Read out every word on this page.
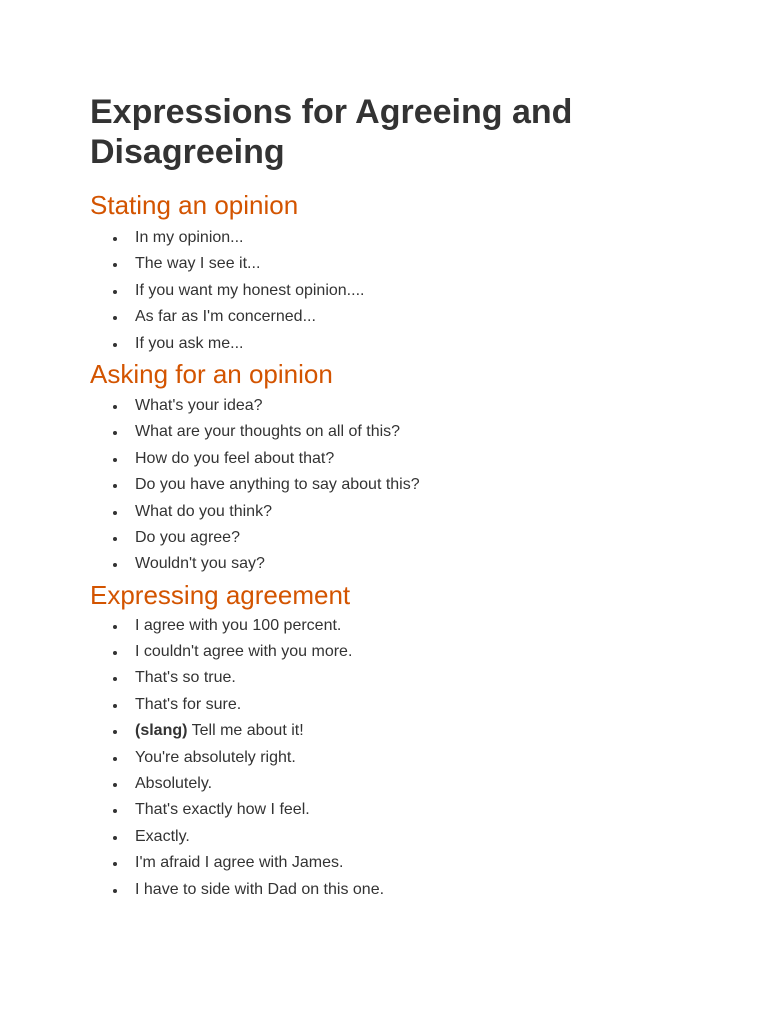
Expressions for Agreeing and Disagreeing
Stating an opinion
In my opinion...
The way I see it...
If you want my honest opinion....
As far as I'm concerned...
If you ask me...
Asking for an opinion
What's your idea?
What are your thoughts on all of this?
How do you feel about that?
Do you have anything to say about this?
What do you think?
Do you agree?
Wouldn't you say?
Expressing agreement
I agree with you 100 percent.
I couldn't agree with you more.
That's so true.
That's for sure.
(slang) Tell me about it!
You're absolutely right.
Absolutely.
That's exactly how I feel.
Exactly.
I'm afraid I agree with James.
I have to side with Dad on this one.
